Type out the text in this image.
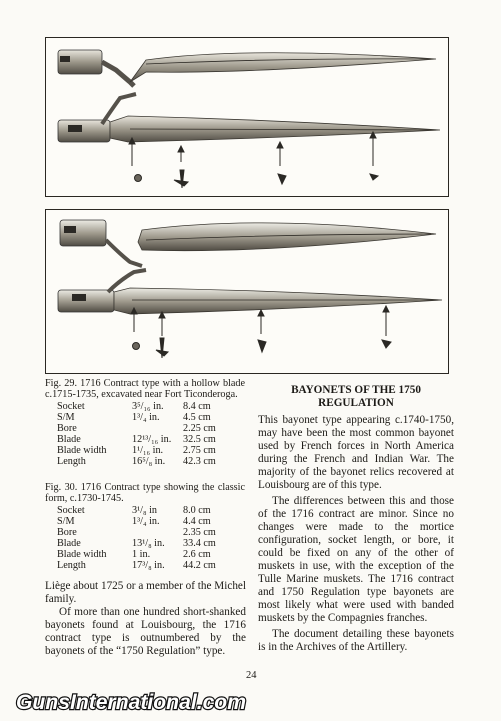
Fig. 29. 1716 Contract type with a hollow blade c.1715-1735, excavated near Fort Ticonderoga.

Socket	3⁵/₁₆ in.	8.4 cm
S/M	1³/₄ in.	4.5 cm
Bore		2.25 cm
Blade	12¹³/₁₆ in.	32.5 cm
Blade width	1¹/₁₆ in.	2.75 cm
Length	16⁵/₈ in.	42.3 cm

Fig. 30. 1716 Contract type showing the classic form, c.1730-1745.

Socket	3¹/₈ in	8.0 cm
S/M	1³/₄ in.	4.4 cm
Bore		2.35 cm
Blade	13¹/₈ in.	33.4 cm
Blade width	1 in.	2.6 cm
Length	17³/₈ in.	44.2 cm

Liège about 1725 or a member of the Michel family.

Of more than one hundred short-shanked bayonets found at Louisbourg, the 1716 contract type is outnumbered by the bayonets of the “1750 Regulation” type.

BAYONETS OF THE 1750
REGULATION

This bayonet type appearing c.1740-1750, may have been the most common bayonet used by French forces in North America during the French and Indian War. The majority of the bayonet relics recovered at Louisbourg are of this type.

The differences between this and those of the 1716 contract are minor. Since no changes were made to the mortice configuration, socket length, or bore, it could be fixed on any of the other of muskets in use, with the exception of the Tulle Marine muskets. The 1716 contract and 1750 Regulation type bayonets are most likely what were used with banded muskets by the Compagnies franches.

The document detailing these bayonets is in the Archives of the Artillery.

24
GunsInternational.com
